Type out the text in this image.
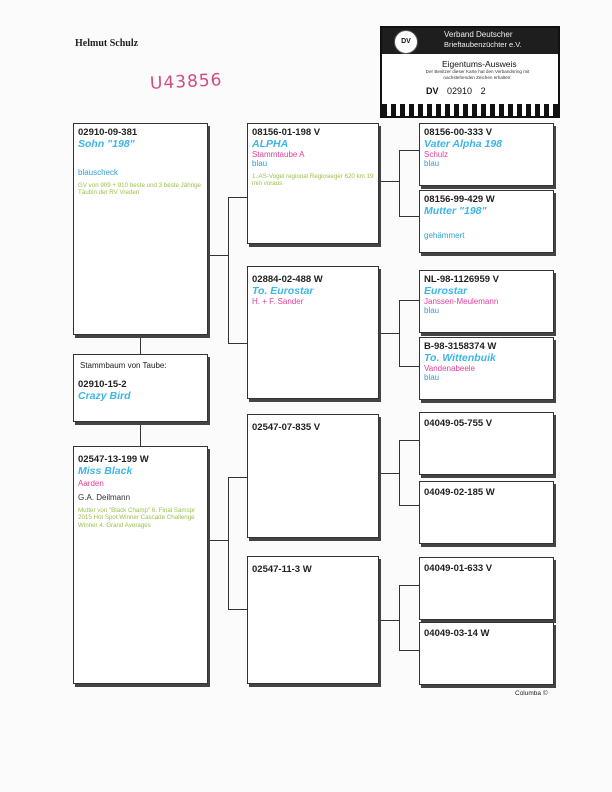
Helmut Schulz
U43856
DV
Verband Deutscher
Brieftaubenzüchter e.V.
Eigentums-Ausweis
Der Besitzer dieser Karte hat den Verbandsring mit nachstehenden Zeichen erhalten:
DV 02910 2
02910-09-381
Sohn "198"
blauscheck
GV von 909 + 910 beste und 3 beste Jährige Täubin der RV Vreden
Stammbaum von Taube:
02910-15-2
Crazy Bird
02547-13-199 W
Miss Black
Aarden
G.A. Deilmann
Mutter von "Black Champ" 6. Final Samspr 2015 Hot Spot Winner Cascade Challenge Winner 4. Grand Averages
08156-01-198 V
ALPHA
Stammtaube A
blau
1. AS-Vogel regional Regiosieger 620 km 19 min voraus
02884-02-488 W
To. Eurostar
H. + F. Sander
02547-07-835 V
02547-11-3 W
08156-00-333 V
Vater Alpha 198
Schulz
blau
08156-99-429 W
Mutter "198"
gehämmert
NL-98-1126959 V
Eurostar
Janssen-Meulemann
blau
B-98-3158374 W
To. Wittenbuik
Vandenabeele
blau
04049-05-755 V
04049-02-185 W
04049-01-633 V
04049-03-14 W
Columba ©
